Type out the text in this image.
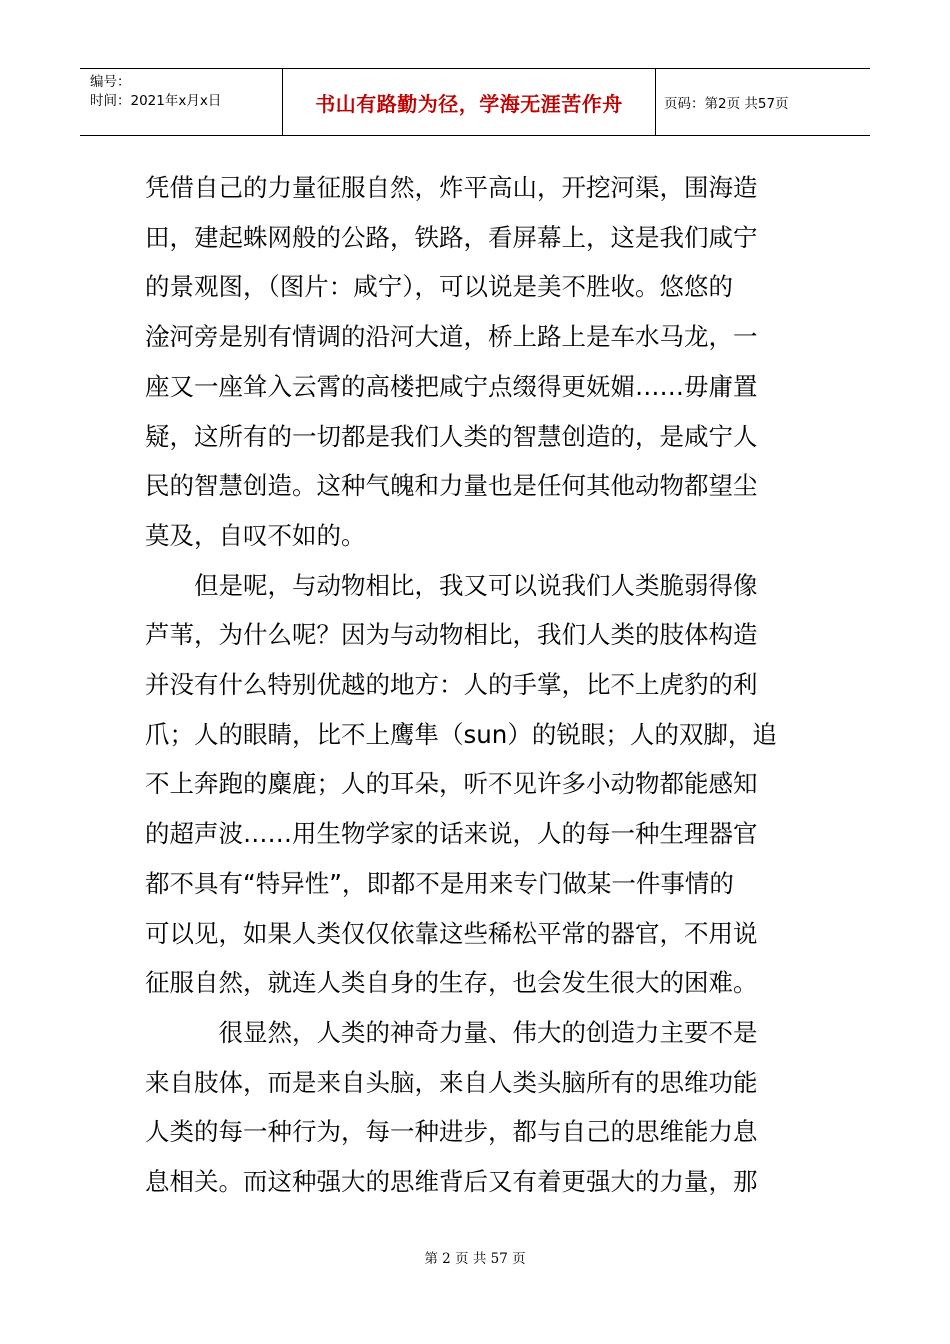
编号：
时间：2021年x月x日	书山有路勤为径，学海无涯苦作舟	页码：第2页 共57页
凭借自己的力量征服自然，炸平高山，开挖河渠，围海造
田，建起蛛网般的公路，铁路，看屏幕上，这是我们咸宁
的景观图，（图片：咸宁），可以说是美不胜收。悠悠的
淦河旁是别有情调的沿河大道，桥上路上是车水马龙，一
座又一座耸入云霄的高楼把咸宁点缀得更妩媚……毋庸置
疑，这所有的一切都是我们人类的智慧创造的，是咸宁人
民的智慧创造。这种气魄和力量也是任何其他动物都望尘
莫及，自叹不如的。
　　但是呢，与动物相比，我又可以说我们人类脆弱得像
芦苇，为什么呢？因为与动物相比，我们人类的肢体构造
并没有什么特别优越的地方：人的手掌，比不上虎豹的利
爪；人的眼睛，比不上鹰隼（sun）的锐眼；人的双脚，追
不上奔跑的麋鹿；人的耳朵，听不见许多小动物都能感知
的超声波……用生物学家的话来说，人的每一种生理器官
都不具有“特异性”，即都不是用来专门做某一件事情的
可以见，如果人类仅仅依靠这些稀松平常的器官，不用说
征服自然，就连人类自身的生存，也会发生很大的困难。
　　　很显然，人类的神奇力量、伟大的创造力主要不是
来自肢体，而是来自头脑，来自人类头脑所有的思维功能
人类的每一种行为，每一种进步，都与自己的思维能力息
息相关。而这种强大的思维背后又有着更强大的力量，那
第 2 页 共 57 页
